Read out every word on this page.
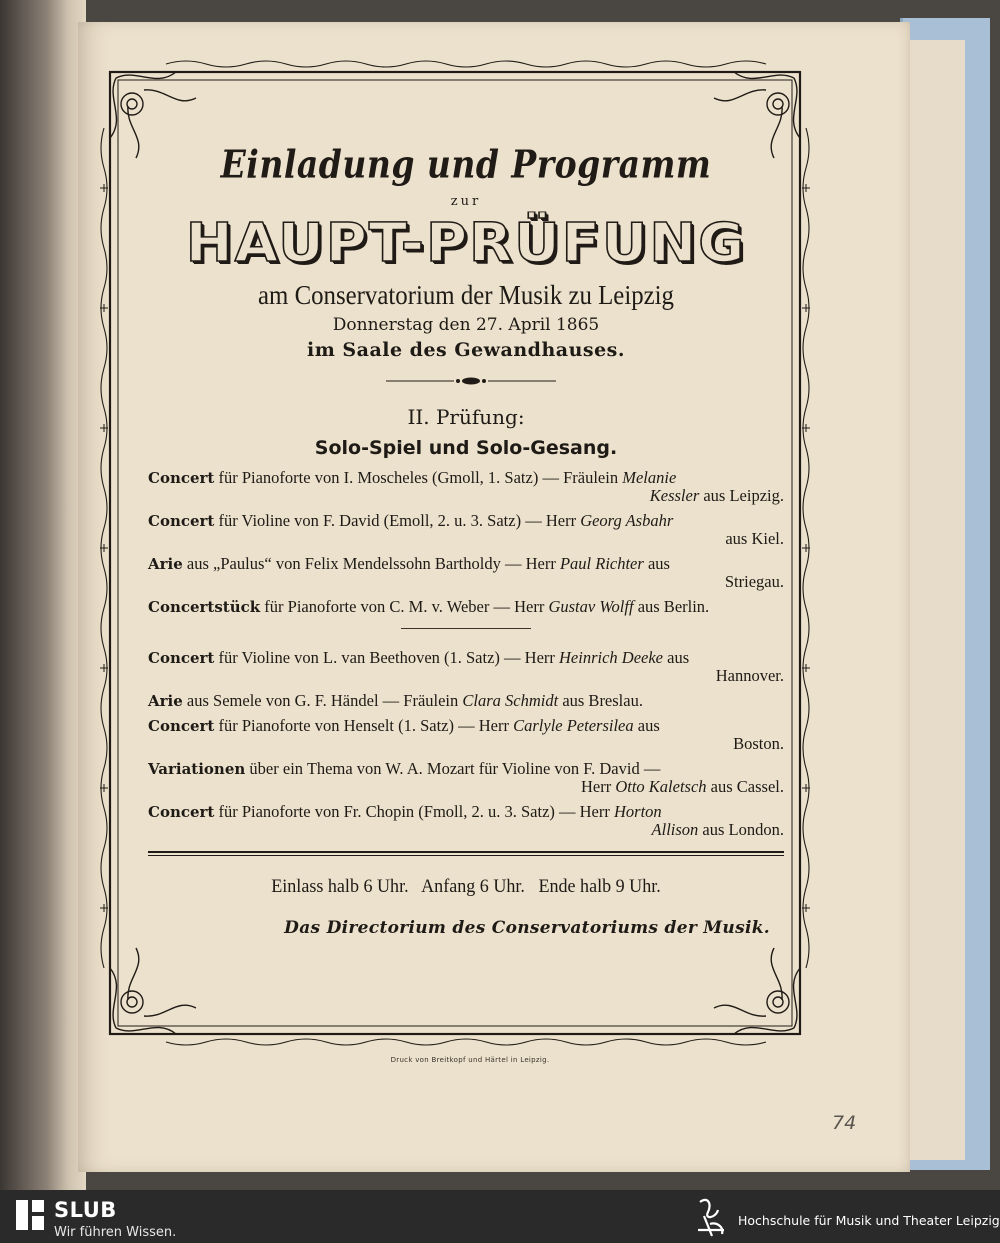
Einladung und Programm
zur
HAUPT-PRÜFUNG
am Conservatorium der Musik zu Leipzig
Donnerstag den 27. April 1865
im Saale des Gewandhauses.
II. Prüfung:
Solo-Spiel und Solo-Gesang.
Concert für Pianoforte von I. Moscheles (Gmoll, 1. Satz) — Fräulein Melanie
Kessler aus Leipzig.
Concert für Violine von F. David (Emoll, 2. u. 3. Satz) — Herr Georg Asbahr
aus Kiel.
Arie aus „Paulus“ von Felix Mendelssohn Bartholdy — Herr Paul Richter aus
Striegau.
Concertstück für Pianoforte von C. M. v. Weber — Herr Gustav Wolff aus Berlin.
Concert für Violine von L. van Beethoven (1. Satz) — Herr Heinrich Deeke aus
Hannover.
Arie aus Semele von G. F. Händel — Fräulein Clara Schmidt aus Breslau.
Concert für Pianoforte von Henselt (1. Satz) — Herr Carlyle Petersilea aus
Boston.
Variationen über ein Thema von W. A. Mozart für Violine von F. David —
Herr Otto Kaletsch aus Cassel.
Concert für Pianoforte von Fr. Chopin (Fmoll, 2. u. 3. Satz) — Herr Horton
Allison aus London.
Einlass halb 6 Uhr.   Anfang 6 Uhr.   Ende halb 9 Uhr.
Das Directorium des Conservatoriums der Musik.
Druck von Breitkopf und Härtel in Leipzig.
74
SLUB
Wir führen Wissen.
Hochschule für Musik und Theater Leipzig
